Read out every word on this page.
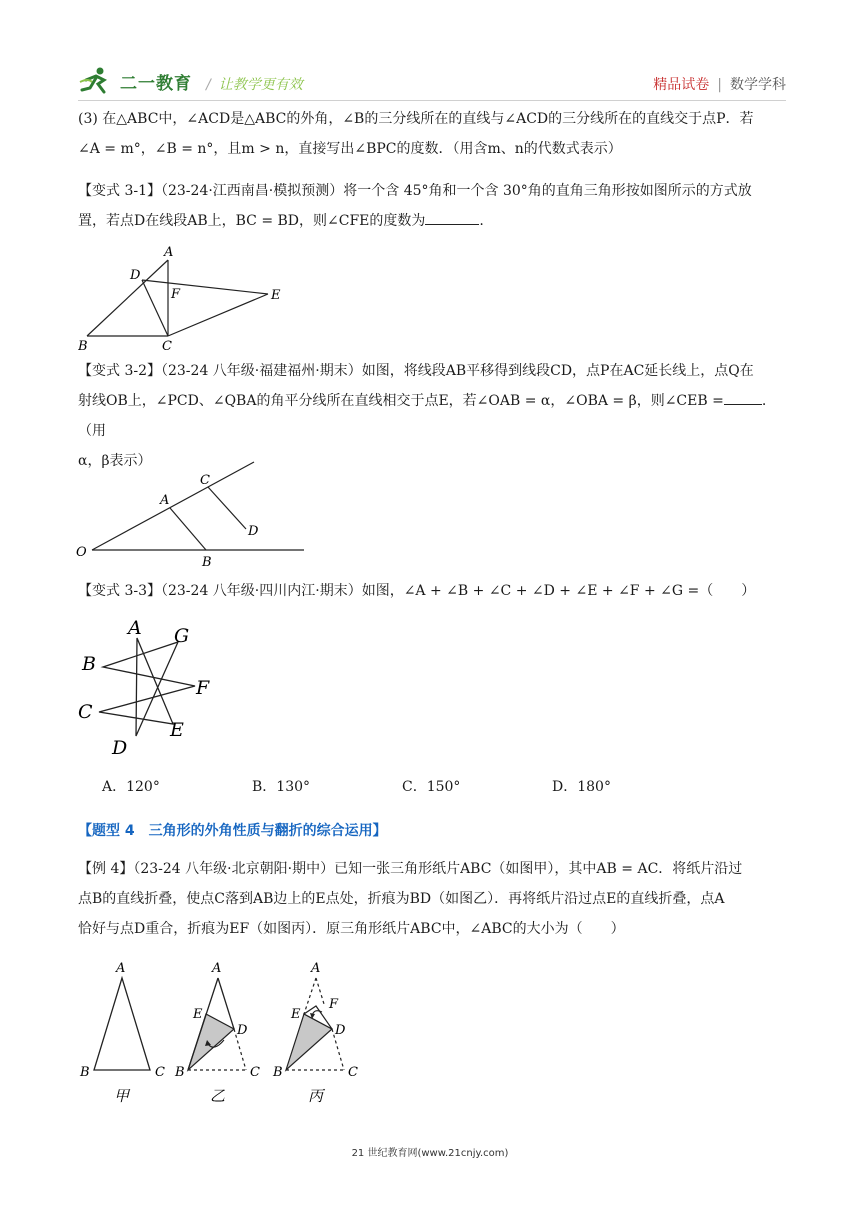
二一教育 / 让教学更有效	精品试卷 | 数学学科
(3) 在△ABC中，∠ACD是△ABC的外角，∠B的三分线所在的直线与∠ACD的三分线所在的直线交于点P．若
∠A = m°，∠B = n°，且m > n，直接写出∠BPC的度数．（用含m、n的代数式表示）
【变式 3-1】（23-24·江西南昌·模拟预测）将一个含 45°角和一个含 30°角的直角三角形按如图所示的方式放
置，若点D在线段AB上，BC = BD，则∠CFE的度数为	.
A
D
F	E
B	C
【变式 3-2】（23-24 八年级·福建福州·期末）如图，将线段AB平移得到线段CD，点P在AC延长线上，点Q在
射线OB上，∠PCD、∠QBA的角平分线所在直线相交于点E，若∠OAB = α，∠OBA = β，则∠CEB =	.（用
α，β表示）
C
A
D
O
B
【变式 3-3】（23-24 八年级·四川内江·期末）如图，∠A + ∠B + ∠C + ∠D + ∠E + ∠F + ∠G =（　　）
A G
B
F
C
E
D
A．120°	B．130°	C．150°	D．180°
【题型 4　三角形的外角性质与翻折的综合运用】
【例 4】（23-24 八年级·北京朝阳·期中）已知一张三角形纸片ABC（如图甲），其中AB = AC．将纸片沿过
点B的直线折叠，使点C落到AB边上的E点处，折痕为BD（如图乙）．再将纸片沿过点E的直线折叠，点A
恰好与点D重合，折痕为EF（如图丙）．原三角形纸片ABC中，∠ABC的大小为（　　）
A
B	C
甲
A
E
D
B	C
乙
A
F
E
D
B	C
丙
21 世纪教育网(www.21cnjy.com)
